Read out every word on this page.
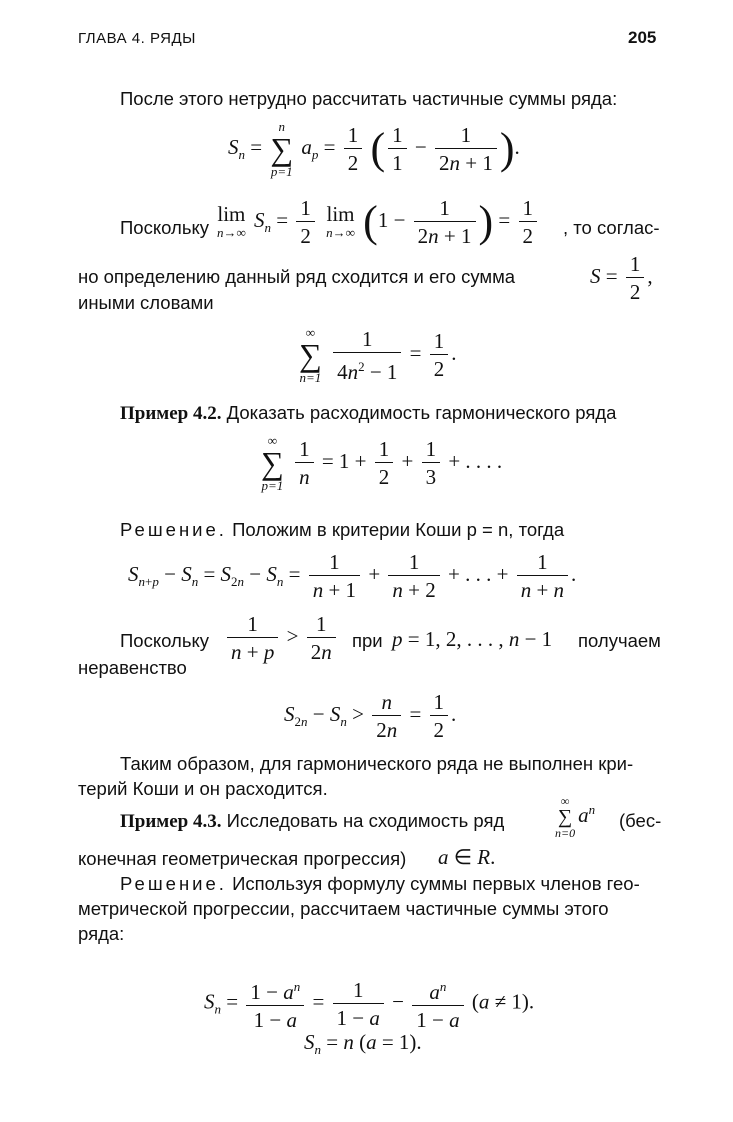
ГЛАВА 4. РЯДЫ	205
После этого нетрудно рассчитать частичные суммы ряда:
$S_n$ =
n
∑
p=1
$a_p = \frac{1}{2}$ ( $\frac{1}{1} - \frac{1}{2n + 1}$ ).
Поскольку
lim
n→∞
$S_n = \frac{1}{2}$ lim
n→∞ ($1 - \frac{1}{2n + 1}$ ) = $\frac{1}{2}$ , то соглас-
но определению данный ряд сходится и его сумма	$S = \frac{1}{2}$ ,
иными словами
∞
∑
n=1
$\frac{1}{4n^2 - 1} = \frac{1}{2}$ .
Пример 4.2. Доказать расходимость гармонического ряда
∞
∑
p=1
$\frac{1}{n} = 1 + \frac{1}{2} + \frac{1}{3}$ + . . . .
Решение. Положим в критерии Коши p = n, тогда
$S_{n+p} - S_n = S_{2n} - S_n = \frac{1}{n + 1} + \frac{1}{n + 2}$ + . . . + $\frac{1}{n + n}$ .
Поскольку $\frac{1}{n + p} > \frac{1}{2n}$ при p = 1, 2, . . . , n − 1 получаем
неравенство
$S_{2n} - S_n > \frac{n}{2n} = \frac{1}{2}$ .
Таким образом, для гармонического ряда не выполнен кри-
терий Коши и он расходится.
Пример 4.3. Исследовать на сходимость ряд
∞
∑
n=0
$a^n$
(бес-
конечная геометрическая прогрессия) a ∈ R.
Решение. Используя формулу суммы первых членов гео-
метрической прогрессии, рассчитаем частичные суммы этого
ряда:
$S_n = \frac{1 - a^n}{1 - a} = \frac{1}{1 - a} - \frac{a^n}{1 - a} (a \ne 1)$.
$S_n = n$ (a = 1).
